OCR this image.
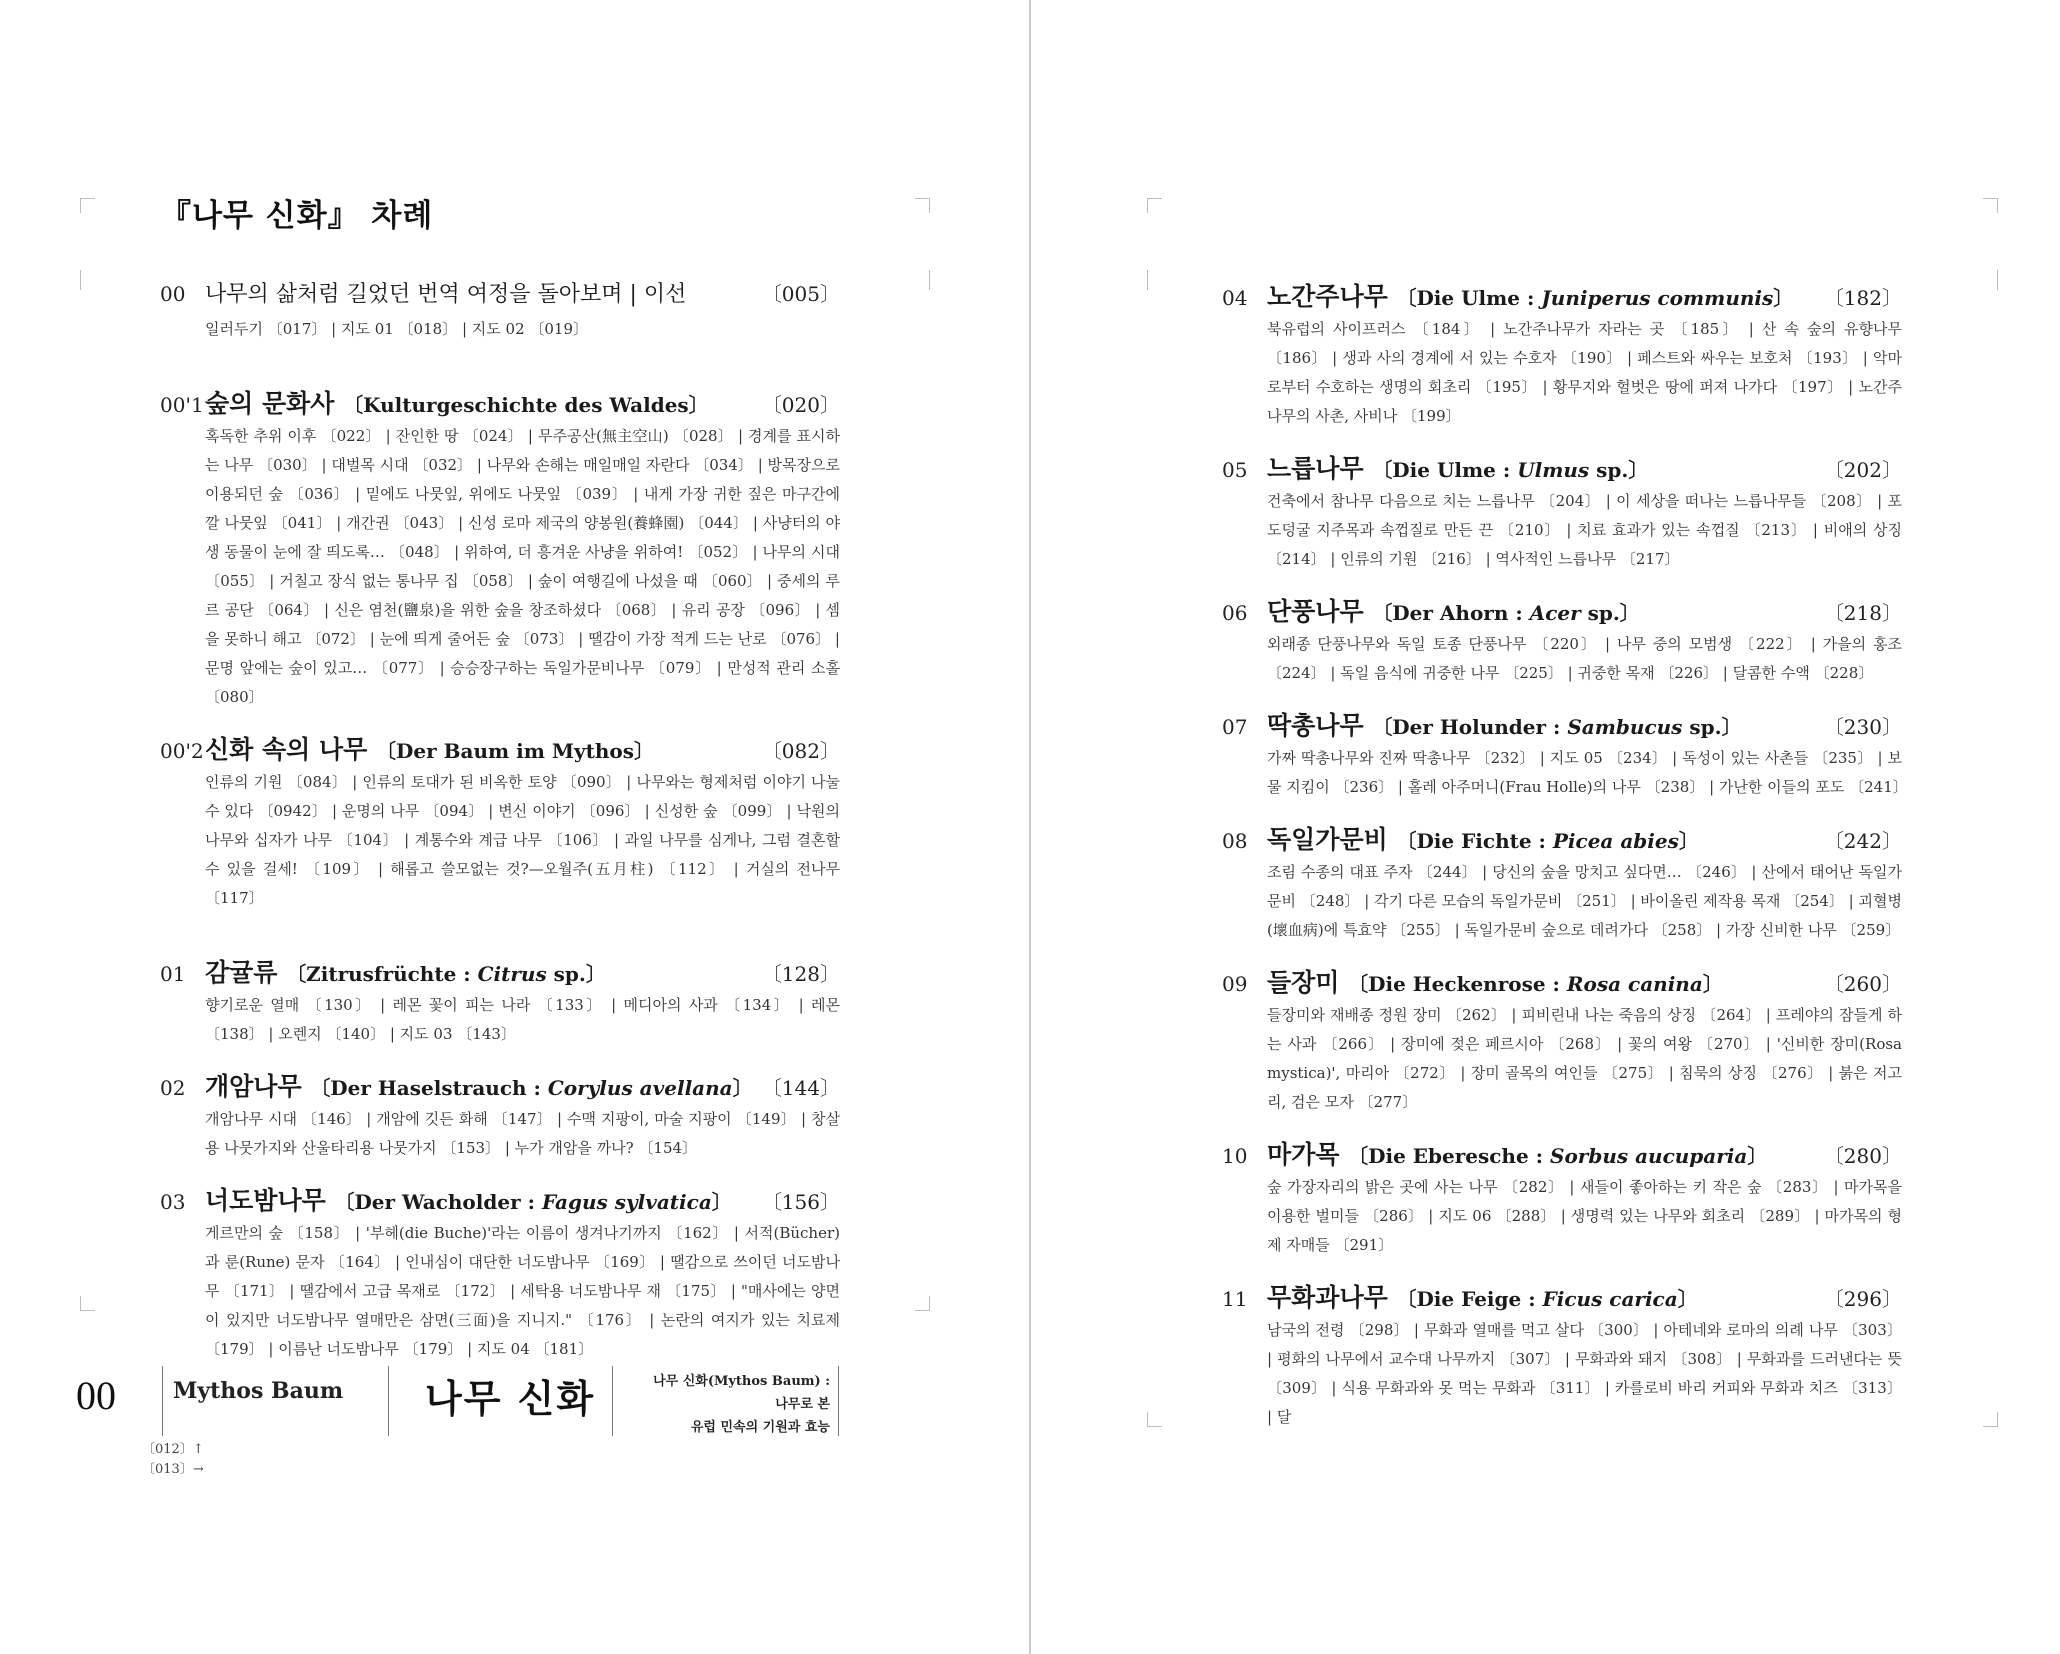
『나무 신화』 차례
00 나무의 삶처럼 길었던 번역 여정을 돌아보며 | 이선	〔005〕
일러두기 〔017〕 | 지도 01 〔018〕 | 지도 02 〔019〕
00'1 숲의 문화사 〔Kulturgeschichte des Waldes〕	〔020〕
혹독한 추위 이후 〔022〕 | 잔인한 땅 〔024〕 | 무주공산(無主空山) 〔028〕 | 경계를 표시하는 나무 〔030〕 | 대벌목 시대 〔032〕 | 나무와 손해는 매일매일 자란다 〔034〕 | 방목장으로 이용되던 숲 〔036〕 | 밑에도 나뭇잎, 위에도 나뭇잎 〔039〕 | 내게 가장 귀한 짚은 마구간에 깔 나뭇잎 〔041〕 | 개간권 〔043〕 | 신성 로마 제국의 양봉원(養蜂園) 〔044〕 | 사냥터의 야생 동물이 눈에 잘 띄도록… 〔048〕 | 위하여, 더 흥겨운 사냥을 위하여! 〔052〕 | 나무의 시대 〔055〕 | 거칠고 장식 없는 통나무 집 〔058〕 | 숲이 여행길에 나섰을 때 〔060〕 | 중세의 루르 공단 〔064〕 | 신은 염천(鹽泉)을 위한 숲을 창조하셨다 〔068〕 | 유리 공장 〔096〕 | 셈을 못하니 해고 〔072〕 | 눈에 띄게 줄어든 숲 〔073〕 | 땔감이 가장 적게 드는 난로 〔076〕 | 문명 앞에는 숲이 있고… 〔077〕 | 승승장구하는 독일가문비나무 〔079〕 | 만성적 관리 소홀 〔080〕
00'2 신화 속의 나무 〔Der Baum im Mythos〕	〔082〕
인류의 기원 〔084〕 | 인류의 토대가 된 비옥한 토양 〔090〕 | 나무와는 형제처럼 이야기 나눌 수 있다 〔0942〕 | 운명의 나무 〔094〕 | 변신 이야기 〔096〕 | 신성한 숲 〔099〕 | 낙원의 나무와 십자가 나무 〔104〕 | 계통수와 계급 나무 〔106〕 | 과일 나무를 심게나, 그럼 결혼할 수 있을 걸세! 〔109〕 | 해롭고 쓸모없는 것?—오월주(五月柱) 〔112〕 | 거실의 전나무 〔117〕
01 감귤류 〔Zitrusfrüchte : Citrus sp.〕	〔128〕
향기로운 열매 〔130〕 | 레몬 꽃이 피는 나라 〔133〕 | 메디아의 사과 〔134〕 | 레몬 〔138〕 | 오렌지 〔140〕 | 지도 03 〔143〕
02 개암나무 〔Der Haselstrauch : Corylus avellana〕 〔144〕
개암나무 시대 〔146〕 | 개암에 깃든 화해 〔147〕 | 수맥 지팡이, 마술 지팡이 〔149〕 | 창살용 나뭇가지와 산울타리용 나뭇가지 〔153〕 | 누가 개암을 까나? 〔154〕
03 너도밤나무 〔Der Wacholder : Fagus sylvatica〕	〔156〕
게르만의 숲 〔158〕 | '부헤(die Buche)'라는 이름이 생겨나기까지 〔162〕 | 서적(Bücher)과 룬(Rune) 문자 〔164〕 | 인내심이 대단한 너도밤나무 〔169〕 | 땔감으로 쓰이던 너도밤나무 〔171〕 | 땔감에서 고급 목재로 〔172〕 | 세탁용 너도밤나무 재 〔175〕 | "매사에는 양면이 있지만 너도밤나무 열매만은 삼면(三面)을 지니지." 〔176〕 | 논란의 여지가 있는 치료제 〔179〕 | 이름난 너도밤나무 〔179〕 | 지도 04 〔181〕
00	Mythos Baum 나무 신화	나무 신화(Mythos Baum) :
나무로 본
유럽 민속의 기원과 효능
〔012〕↑
〔013〕→
04 노간주나무 〔Die Ulme : Juniperus communis〕	〔182〕
북유럽의 사이프러스 〔184〕 | 노간주나무가 자라는 곳 〔185〕 | 산 속 숲의 유향나무 〔186〕 | 생과 사의 경계에 서 있는 수호자 〔190〕 | 페스트와 싸우는 보호처 〔193〕 | 악마로부터 수호하는 생명의 회초리 〔195〕 | 황무지와 헐벗은 땅에 퍼져 나가다 〔197〕 | 노간주나무의 사촌, 사비나 〔199〕
05 느릅나무 〔Die Ulme : Ulmus sp.〕	〔202〕
건축에서 참나무 다음으로 치는 느릅나무 〔204〕 | 이 세상을 떠나는 느릅나무들 〔208〕 | 포도덩굴 지주목과 속껍질로 만든 끈 〔210〕 | 치료 효과가 있는 속껍질 〔213〕 | 비애의 상징 〔214〕 | 인류의 기원 〔216〕 | 역사적인 느릅나무 〔217〕
06 단풍나무 〔Der Ahorn : Acer sp.〕	〔218〕
외래종 단풍나무와 독일 토종 단풍나무 〔220〕 | 나무 중의 모범생 〔222〕 | 가을의 홍조 〔224〕 | 독일 음식에 귀중한 나무 〔225〕 | 귀중한 목재 〔226〕 | 달콤한 수액 〔228〕
07 딱총나무 〔Der Holunder : Sambucus sp.〕	〔230〕
가짜 딱총나무와 진짜 딱총나무 〔232〕 | 지도 05 〔234〕 | 독성이 있는 사촌들 〔235〕 | 보물 지킴이 〔236〕 | 홀레 아주머니(Frau Holle)의 나무 〔238〕 | 가난한 이들의 포도 〔241〕
08 독일가문비 〔Die Fichte : Picea abies〕	〔242〕
조림 수종의 대표 주자 〔244〕 | 당신의 숲을 망치고 싶다면… 〔246〕 | 산에서 태어난 독일가문비 〔248〕 | 각기 다른 모습의 독일가문비 〔251〕 | 바이올린 제작용 목재 〔254〕 | 괴혈병(壞血病)에 특효약 〔255〕 | 독일가문비 숲으로 데려가다 〔258〕 | 가장 신비한 나무 〔259〕
09 들장미 〔Die Heckenrose : Rosa canina〕	〔260〕
들장미와 재배종 정원 장미 〔262〕 | 피비린내 나는 죽음의 상징 〔264〕 | 프레야의 잠들게 하는 사과 〔266〕 | 장미에 젖은 페르시아 〔268〕 | 꽃의 여왕 〔270〕 | '신비한 장미(Rosa mystica)', 마리아 〔272〕 | 장미 골목의 여인들 〔275〕 | 침묵의 상징 〔276〕 | 붉은 저고리, 검은 모자 〔277〕
10 마가목 〔Die Eberesche : Sorbus aucuparia〕	〔280〕
숲 가장자리의 밝은 곳에 사는 나무 〔282〕 | 새들이 좋아하는 키 작은 숲 〔283〕 | 마가목을 이용한 벌미들 〔286〕 | 지도 06 〔288〕 | 생명력 있는 나무와 회초리 〔289〕 | 마가목의 형제 자매들 〔291〕
11 무화과나무 〔Die Feige : Ficus carica〕	〔296〕
남국의 전령 〔298〕 | 무화과 열매를 먹고 살다 〔300〕 | 아테네와 로마의 의례 나무 〔303〕 | 평화의 나무에서 교수대 나무까지 〔307〕 | 무화과와 돼지 〔308〕 | 무화과를 드러낸다는 뜻 〔309〕 | 식용 무화과와 못 먹는 무화과 〔311〕 | 카를로비 바리 커피와 무화과 치즈 〔313〕 | 달
